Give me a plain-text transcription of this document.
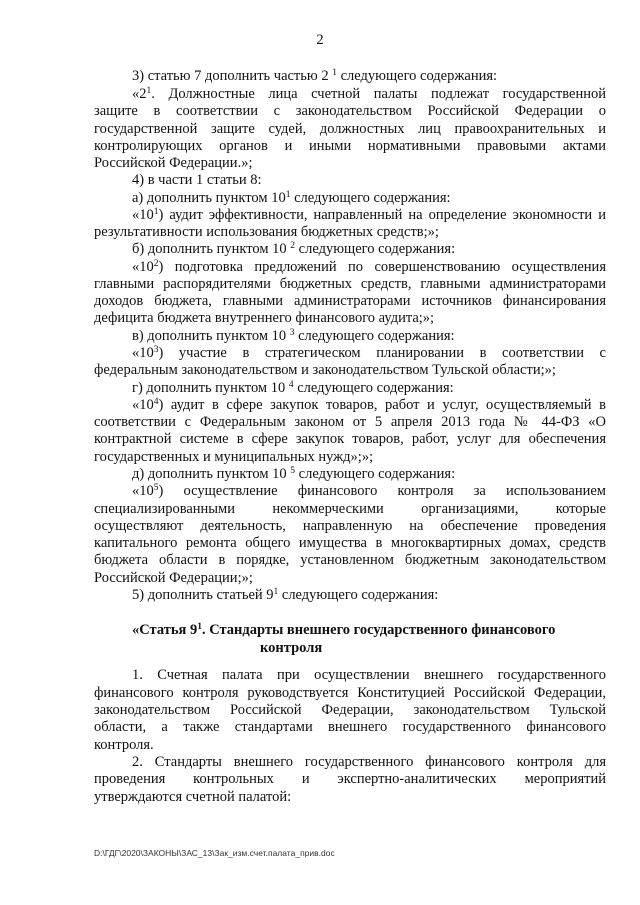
2
3) статью 7 дополнить частью 2 $^1$ следующего содержания:
«$2^1$. Должностные лица счетной палаты подлежат государственной
защите в соответствии с законодательством Российской Федерации о
государственной защите судей, должностных лиц правоохранительных и
контролирующих органов и иными нормативными правовыми актами
Российской Федерации.»;
4) в части 1 статьи 8:
а) дополнить пунктом $10^1$ следующего содержания:
«$10^1$) аудит эффективности, направленный на определение экономности и
результативности использования бюджетных средств;»;
б) дополнить пунктом 10 $^2$ следующего содержания:
«$10^2$) подготовка предложений по совершенствованию осуществления
главными распорядителями бюджетных средств, главными администраторами
доходов бюджета, главными администраторами источников финансирования
дефицита бюджета внутреннего финансового аудита;»;
в) дополнить пунктом 10 $^3$ следующего содержания:
«$10^3$) участие в стратегическом планировании в соответствии с
федеральным законодательством и законодательством Тульской области;»;
г) дополнить пунктом 10 $^4$ следующего содержания:
«$10^4$) аудит в сфере закупок товаров, работ и услуг, осуществляемый в
соответствии с Федеральным законом от 5 апреля 2013 года № 44-ФЗ «О
контрактной системе в сфере закупок товаров, работ, услуг для обеспечения
государственных и муниципальных нужд»;»;
д) дополнить пунктом 10 $^5$ следующего содержания:
«$10^5$) осуществление финансового контроля за использованием
специализированными некоммерческими организациями, которые
осуществляют деятельность, направленную на обеспечение проведения
капитального ремонта общего имущества в многоквартирных домах, средств
бюджета области в порядке, установленном бюджетным законодательством
Российской Федерации;»;
5) дополнить статьей $9^1$ следующего содержания:
«Статья $9^1$. Стандарты внешнего государственного финансового
контроля
1. Счетная палата при осуществлении внешнего государственного
финансового контроля руководствуется Конституцией Российской Федерации,
законодательством Российской Федерации, законодательством Тульской
области, а также стандартами внешнего государственного финансового
контроля.
2. Стандарты внешнего государственного финансового контроля для
проведения контрольных и экспертно-аналитических мероприятий
утверждаются счетной палатой:
D:\ГДГ\2020\ЗАКОНЫ\ЗАС_13\Зак_изм.счет.палата_прив.doc
